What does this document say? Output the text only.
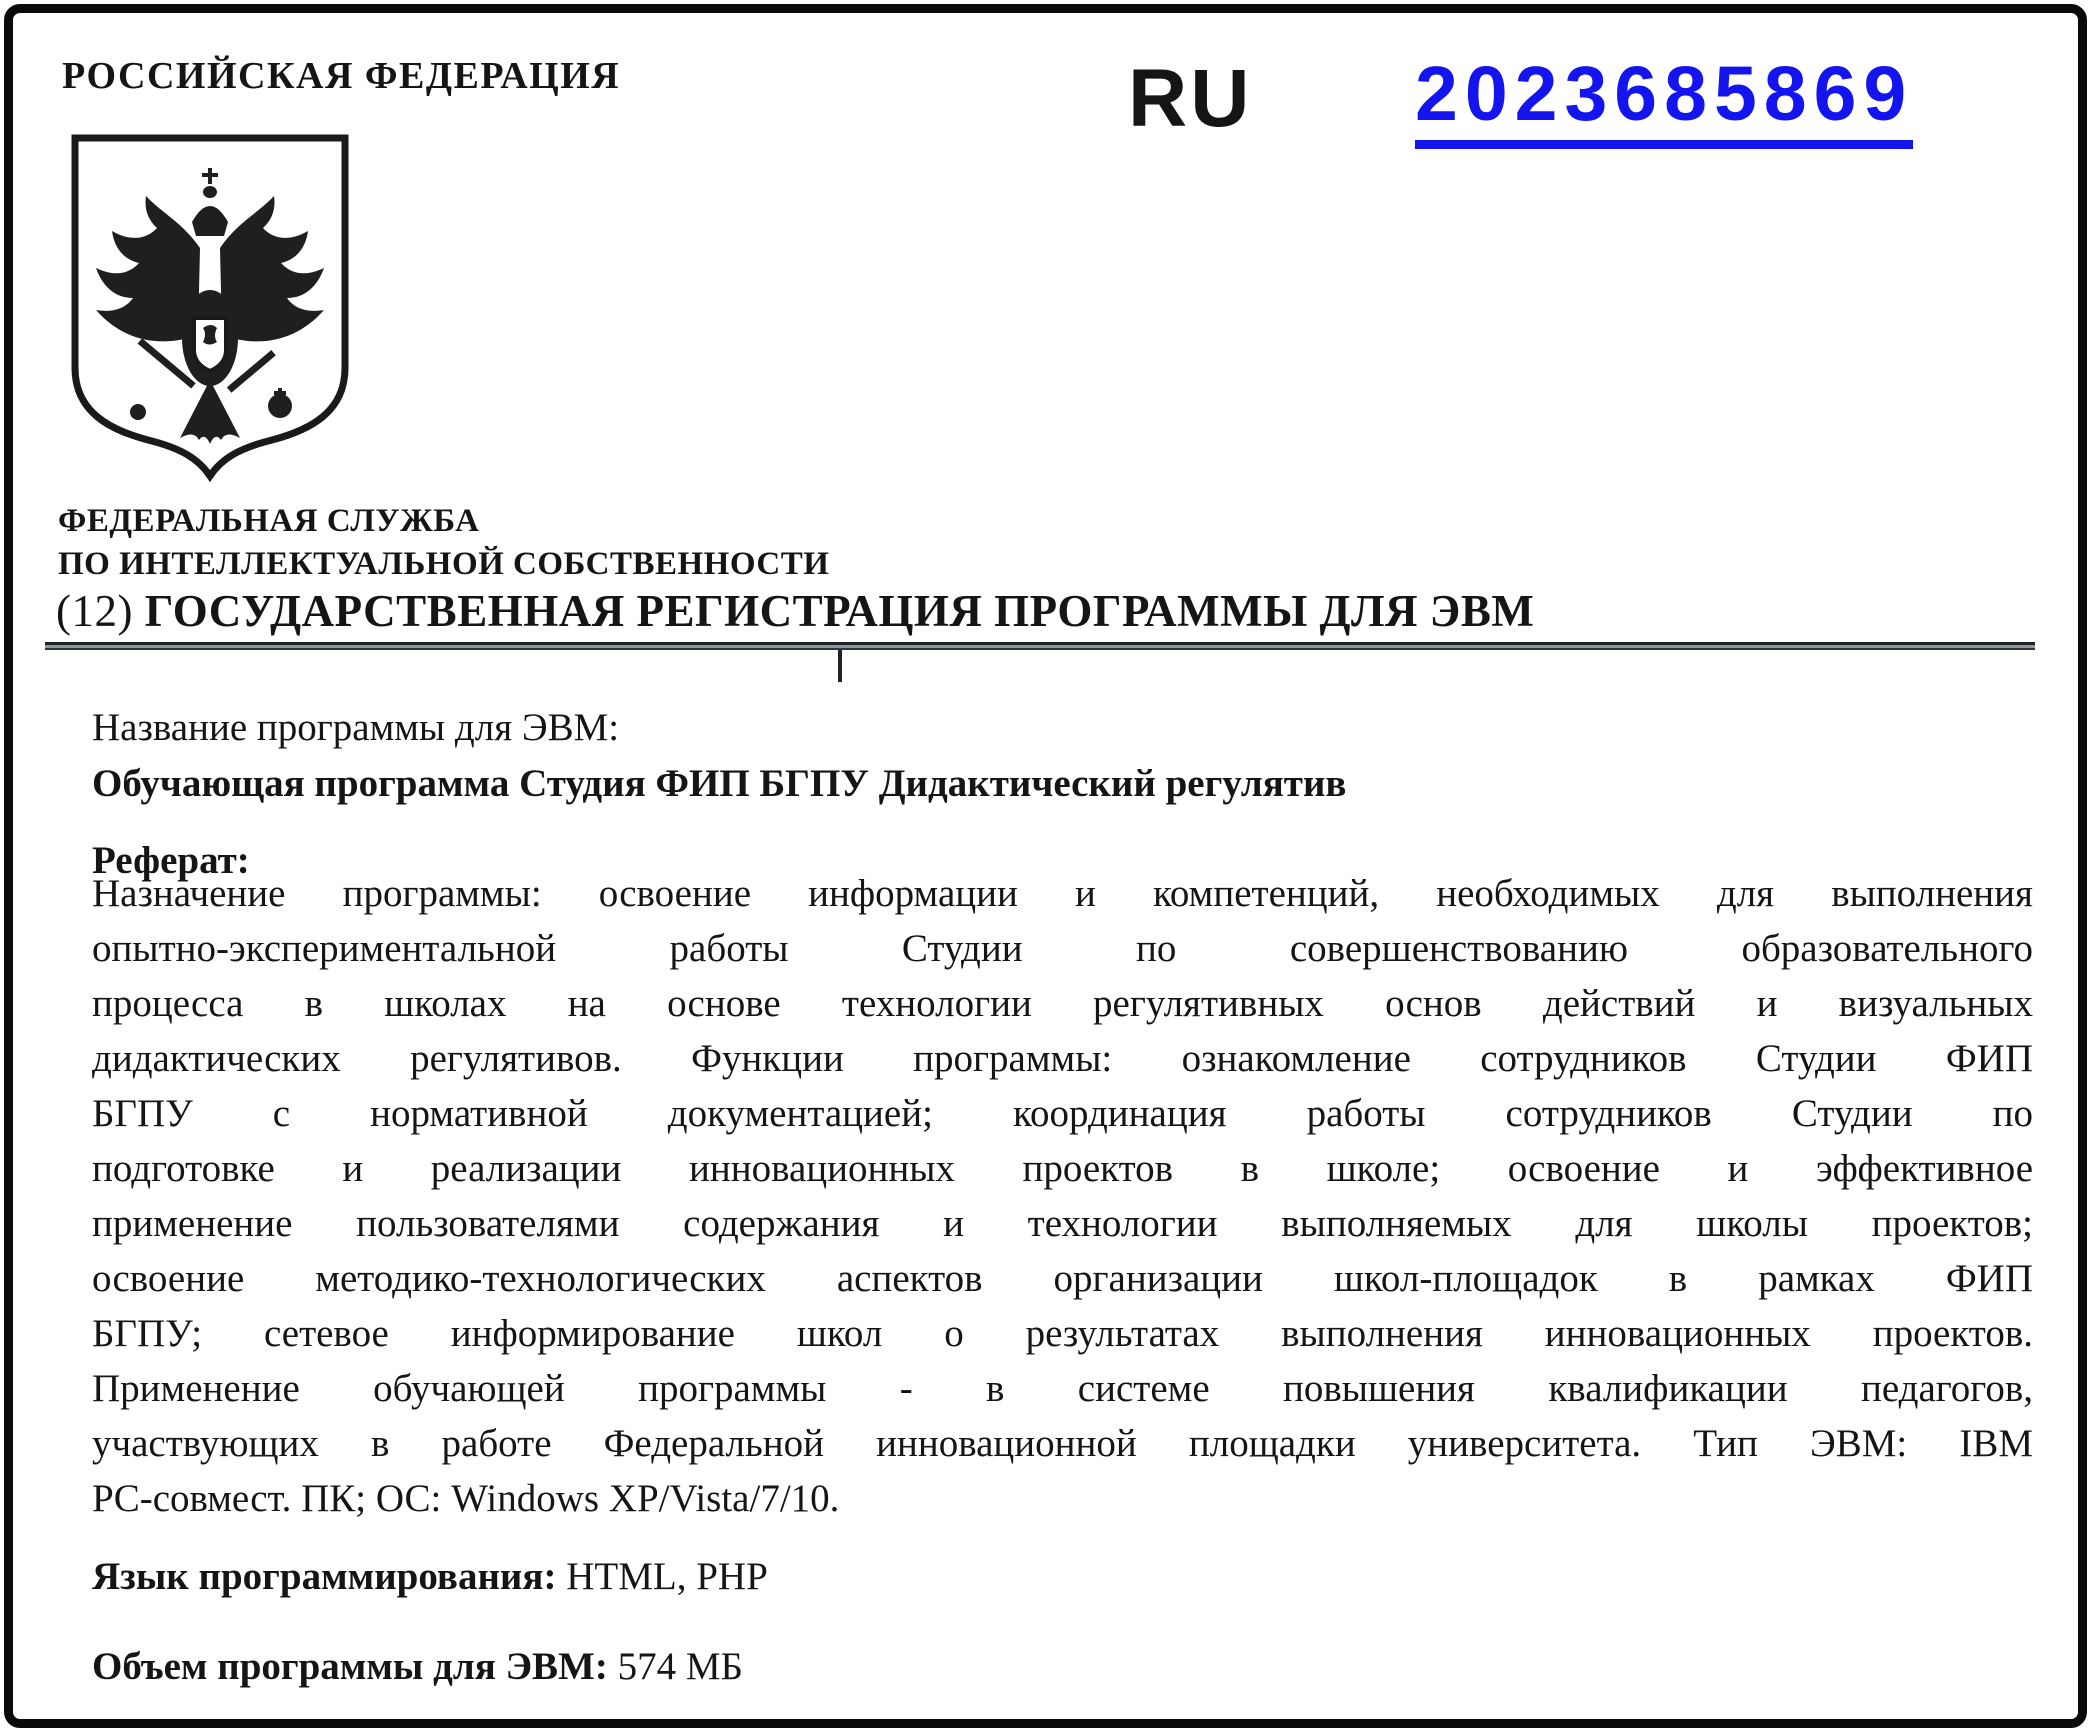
РОССИЙСКАЯ ФЕДЕРАЦИЯ	RU 2023685869
ФЕДЕРАЛЬНАЯ СЛУЖБА
ПО ИНТЕЛЛЕКТУАЛЬНОЙ СОБСТВЕННОСТИ
(12) ГОСУДАРСТВЕННАЯ РЕГИСТРАЦИЯ ПРОГРАММЫ ДЛЯ ЭВМ
Название программы для ЭВМ:
Обучающая программа Студия ФИП БГПУ Дидактический регулятив
Реферат:
Назначение программы: освоение информации и компетенций, необходимых для выполнения
опытно-экспериментальной работы Студии по совершенствованию образовательного
процесса в школах на основе технологии регулятивных основ действий и визуальных
дидактических регулятивов. Функции программы: ознакомление сотрудников Студии ФИП
БГПУ с нормативной документацией; координация работы сотрудников Студии по
подготовке и реализации инновационных проектов в школе; освоение и эффективное
применение пользователями содержания и технологии выполняемых для школы проектов;
освоение методико-технологических аспектов организации школ-площадок в рамках ФИП
БГПУ; сетевое информирование школ о результатах выполнения инновационных проектов.
Применение обучающей программы - в системе повышения квалификации педагогов,
участвующих в работе Федеральной инновационной площадки университета. Тип ЭВМ: IBM
PC-совмест. ПК; ОС: Windows XP/Vista/7/10.
Язык программирования: HTML, PHP
Объем программы для ЭВМ: 574 МБ
